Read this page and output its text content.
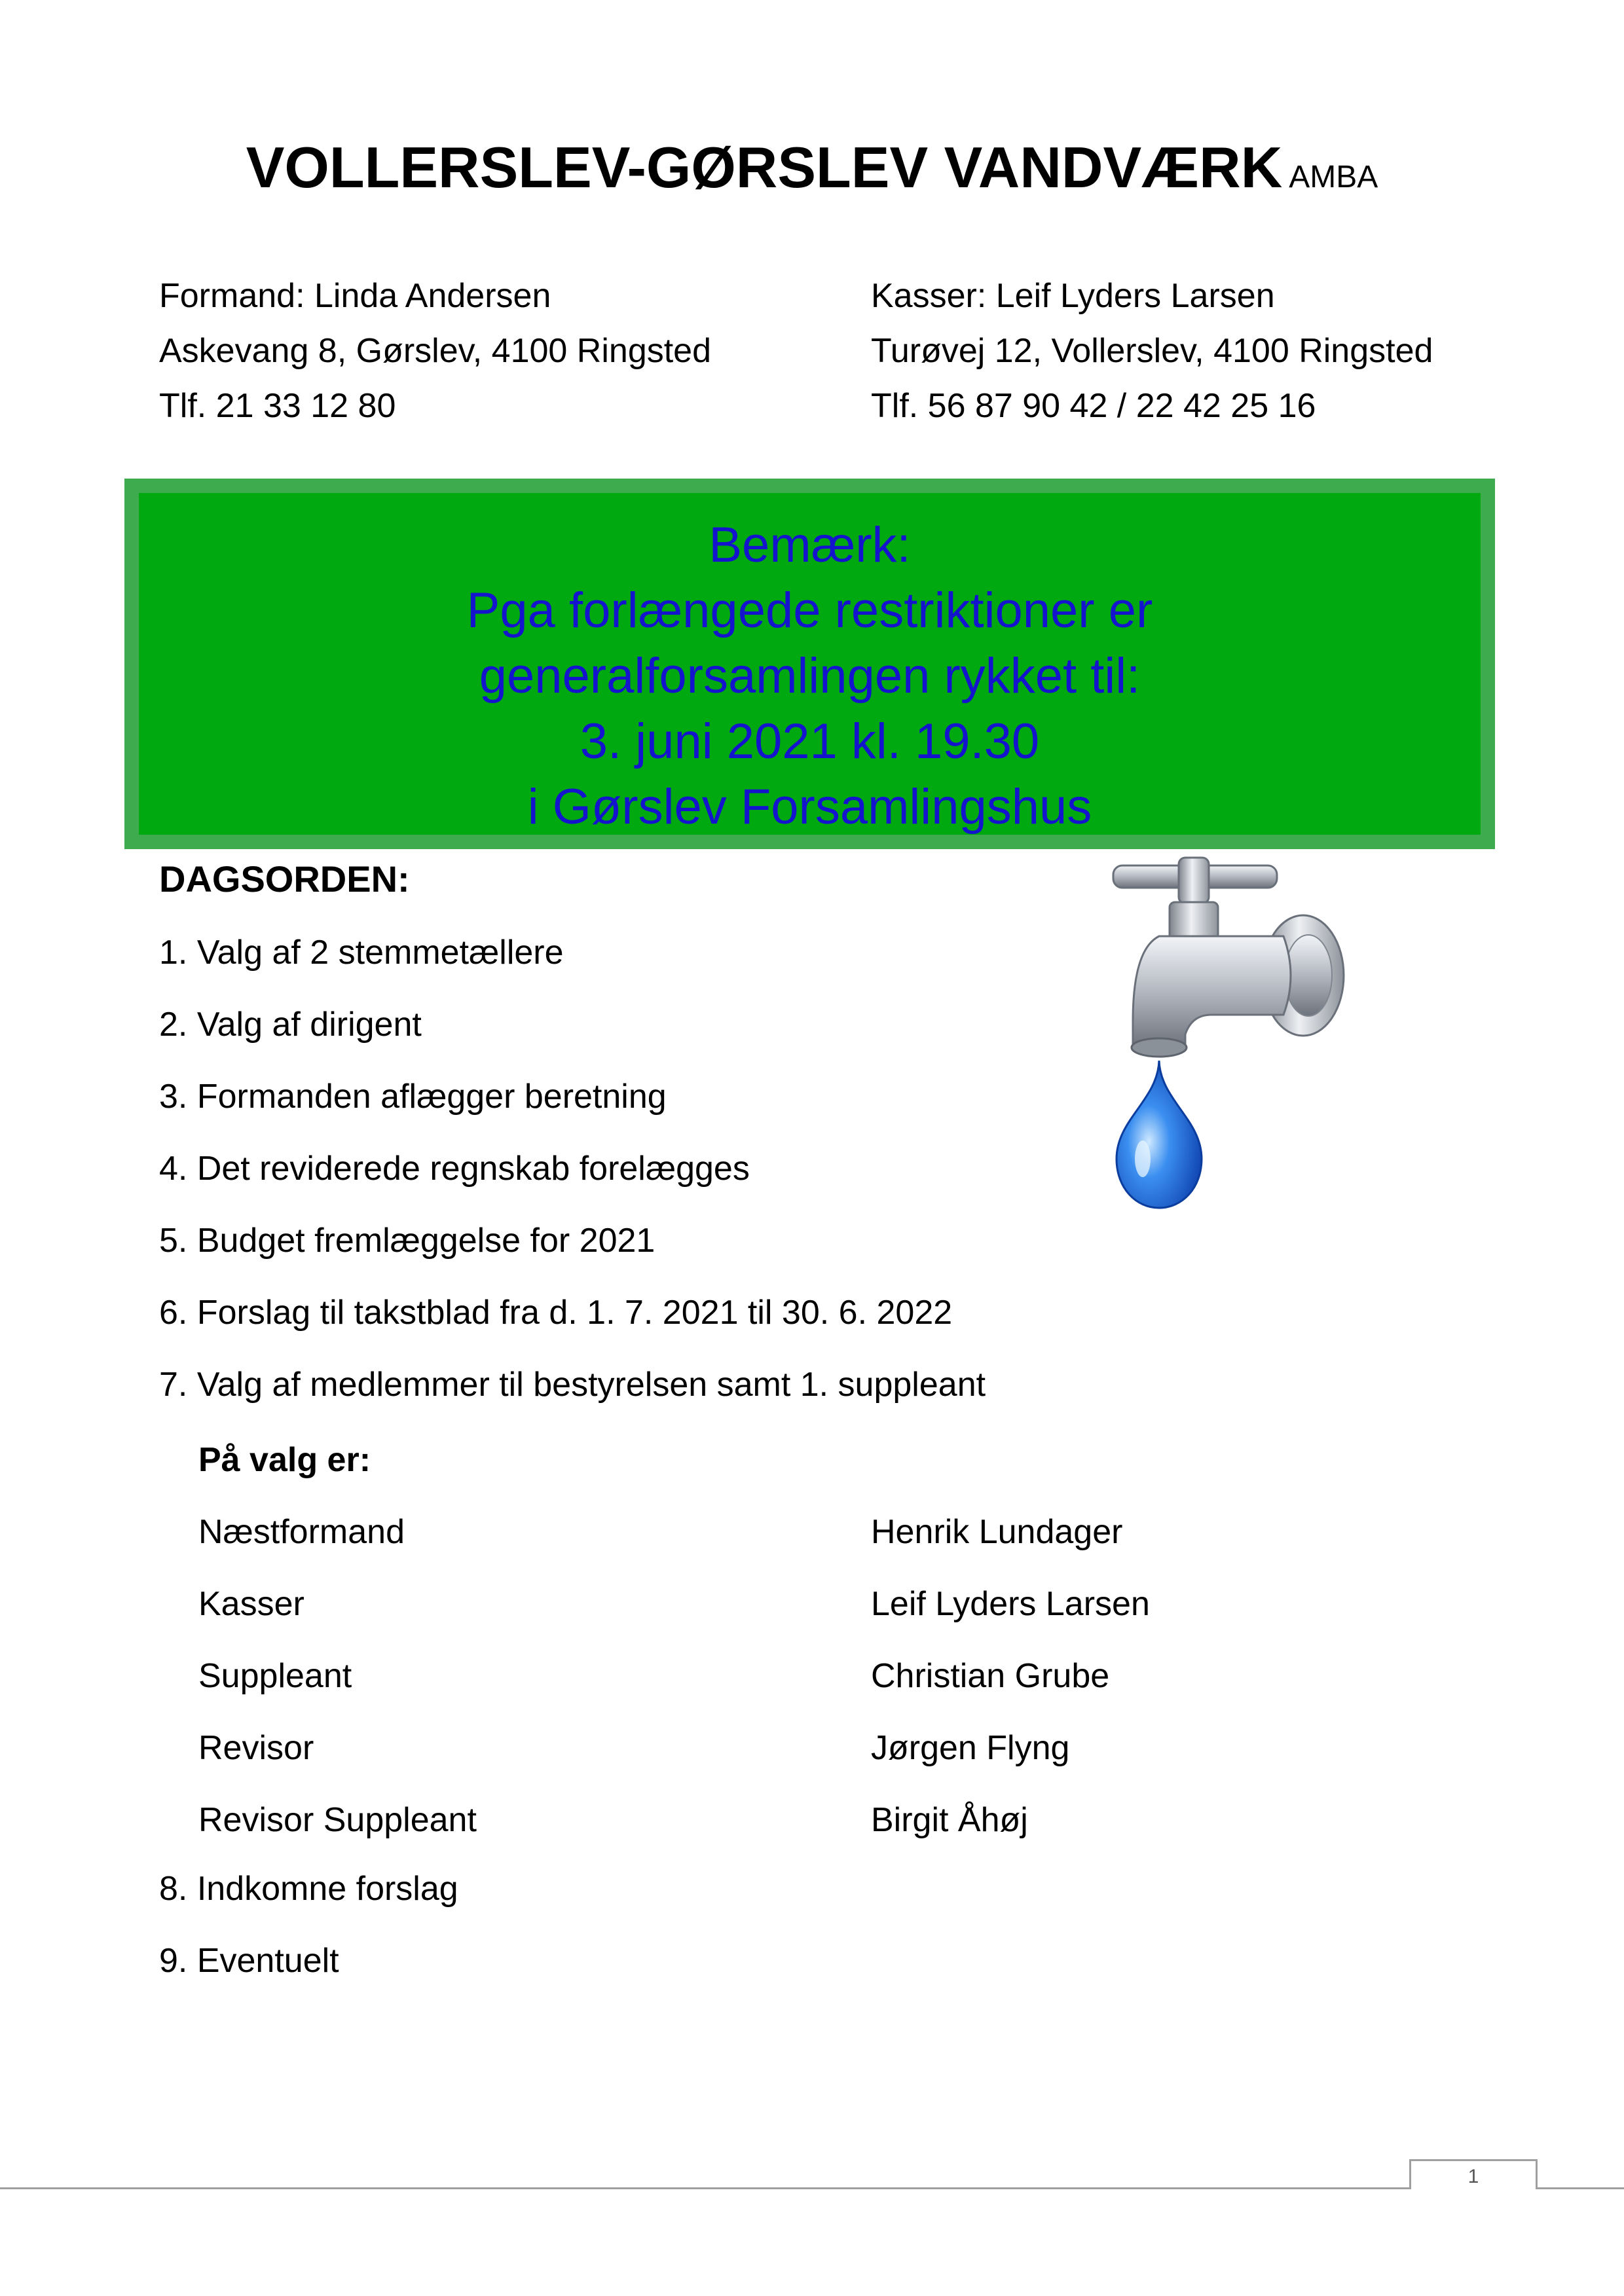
VOLLERSLEV-GØRSLEV VANDVÆRK AMBA
Formand: Linda Andersen
Askevang 8, Gørslev, 4100 Ringsted
Tlf. 21 33 12 80
Kasser: Leif Lyders Larsen
Turøvej 12, Vollerslev, 4100 Ringsted
Tlf. 56 87 90 42 / 22 42 25 16
Bemærk:
Pga forlængede restriktioner er
generalforsamlingen rykket til:
3. juni 2021 kl. 19.30
i Gørslev Forsamlingshus
DAGSORDEN:
1. Valg af 2 stemmetællere
2. Valg af dirigent
3. Formanden aflægger beretning
4. Det reviderede regnskab forelægges
5. Budget fremlæggelse for 2021
6. Forslag til takstblad fra d. 1. 7. 2021 til 30. 6. 2022
7. Valg af medlemmer til bestyrelsen samt 1. suppleant
8. Indkomne forslag
9. Eventuelt
På valg er:
Næstformand	Henrik Lundager
Kasser	Leif Lyders Larsen
Suppleant	Christian Grube
Revisor	Jørgen Flyng
Revisor Suppleant	Birgit Åhøj
1
